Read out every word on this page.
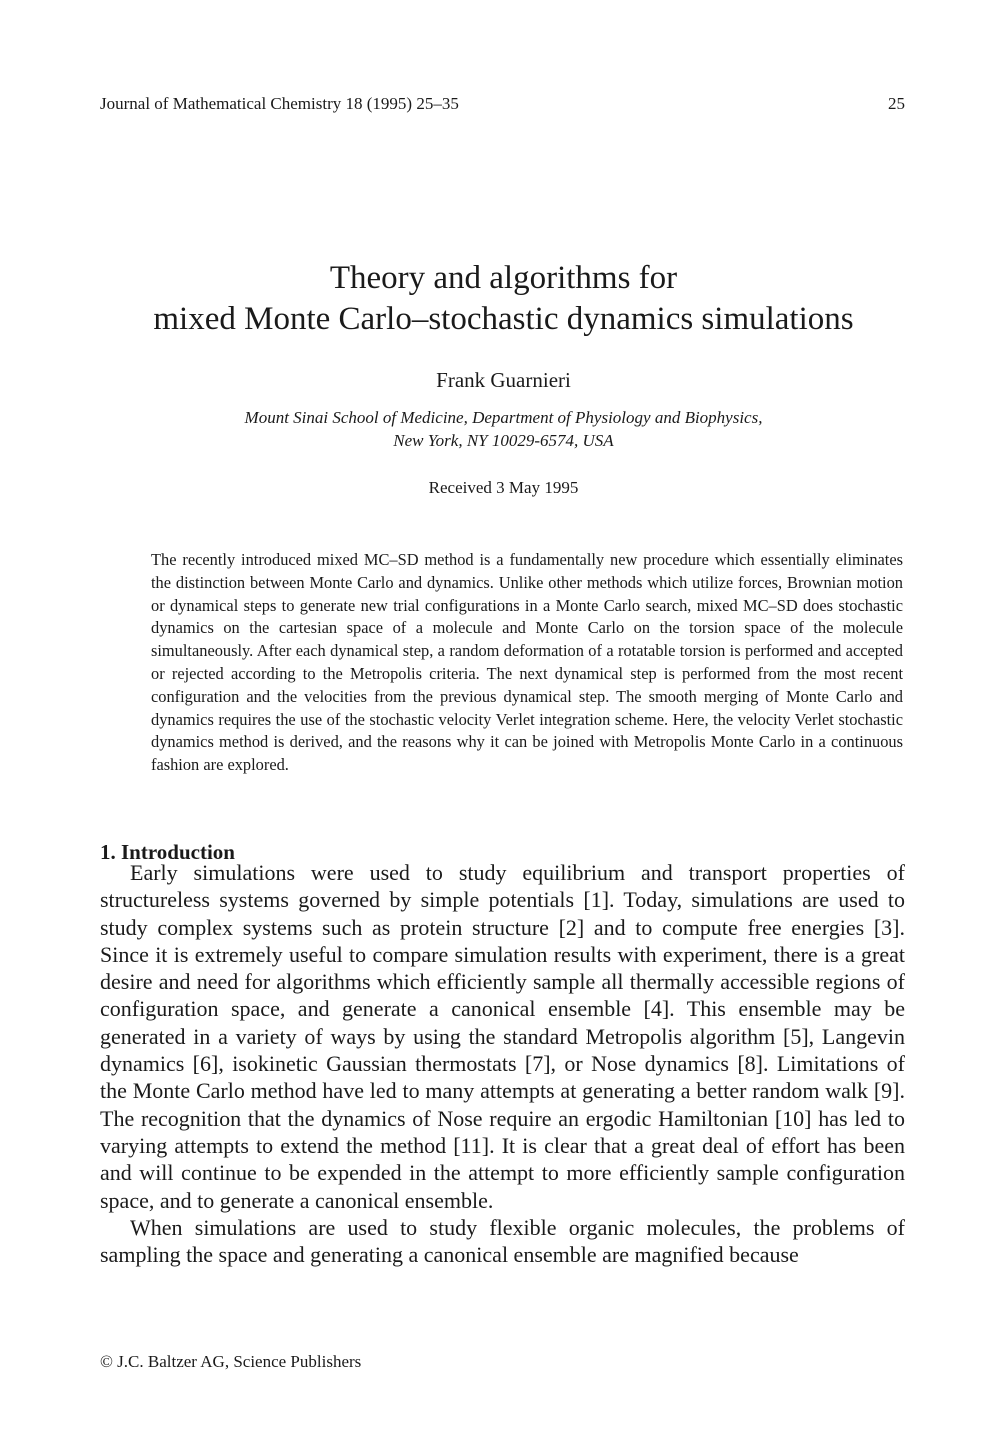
Journal of Mathematical Chemistry 18 (1995) 25–35	25
Theory and algorithms for
mixed Monte Carlo–stochastic dynamics simulations
Frank Guarnieri
Mount Sinai School of Medicine, Department of Physiology and Biophysics,
New York, NY 10029-6574, USA
Received 3 May 1995
The recently introduced mixed MC–SD method is a fundamentally new procedure which essentially eliminates the distinction between Monte Carlo and dynamics. Unlike other methods which utilize forces, Brownian motion or dynamical steps to generate new trial configurations in a Monte Carlo search, mixed MC–SD does stochastic dynamics on the cartesian space of a molecule and Monte Carlo on the torsion space of the molecule simultaneously. After each dynamical step, a random deformation of a rotatable torsion is performed and accepted or rejected according to the Metropolis criteria. The next dynamical step is performed from the most recent configuration and the velocities from the previous dynamical step. The smooth merging of Monte Carlo and dynamics requires the use of the stochastic velocity Verlet integration scheme. Here, the velocity Verlet stochastic dynamics method is derived, and the reasons why it can be joined with Metropolis Monte Carlo in a continuous fashion are explored.
1. Introduction

Early simulations were used to study equilibrium and transport properties of structureless systems governed by simple potentials [1]. Today, simulations are used to study complex systems such as protein structure [2] and to compute free energies [3]. Since it is extremely useful to compare simulation results with experiment, there is a great desire and need for algorithms which efficiently sample all thermally accessible regions of configuration space, and generate a canonical ensemble [4]. This ensemble may be generated in a variety of ways by using the standard Metropolis algorithm [5], Langevin dynamics [6], isokinetic Gaussian thermostats [7], or Nose dynamics [8]. Limitations of the Monte Carlo method have led to many attempts at generating a better random walk [9]. The recognition that the dynamics of Nose require an ergodic Hamiltonian [10] has led to varying attempts to extend the method [11]. It is clear that a great deal of effort has been and will continue to be expended in the attempt to more efficiently sample configuration space, and to generate a canonical ensemble.

When simulations are used to study flexible organic molecules, the problems of sampling the space and generating a canonical ensemble are magnified because

© J.C. Baltzer AG, Science Publishers
